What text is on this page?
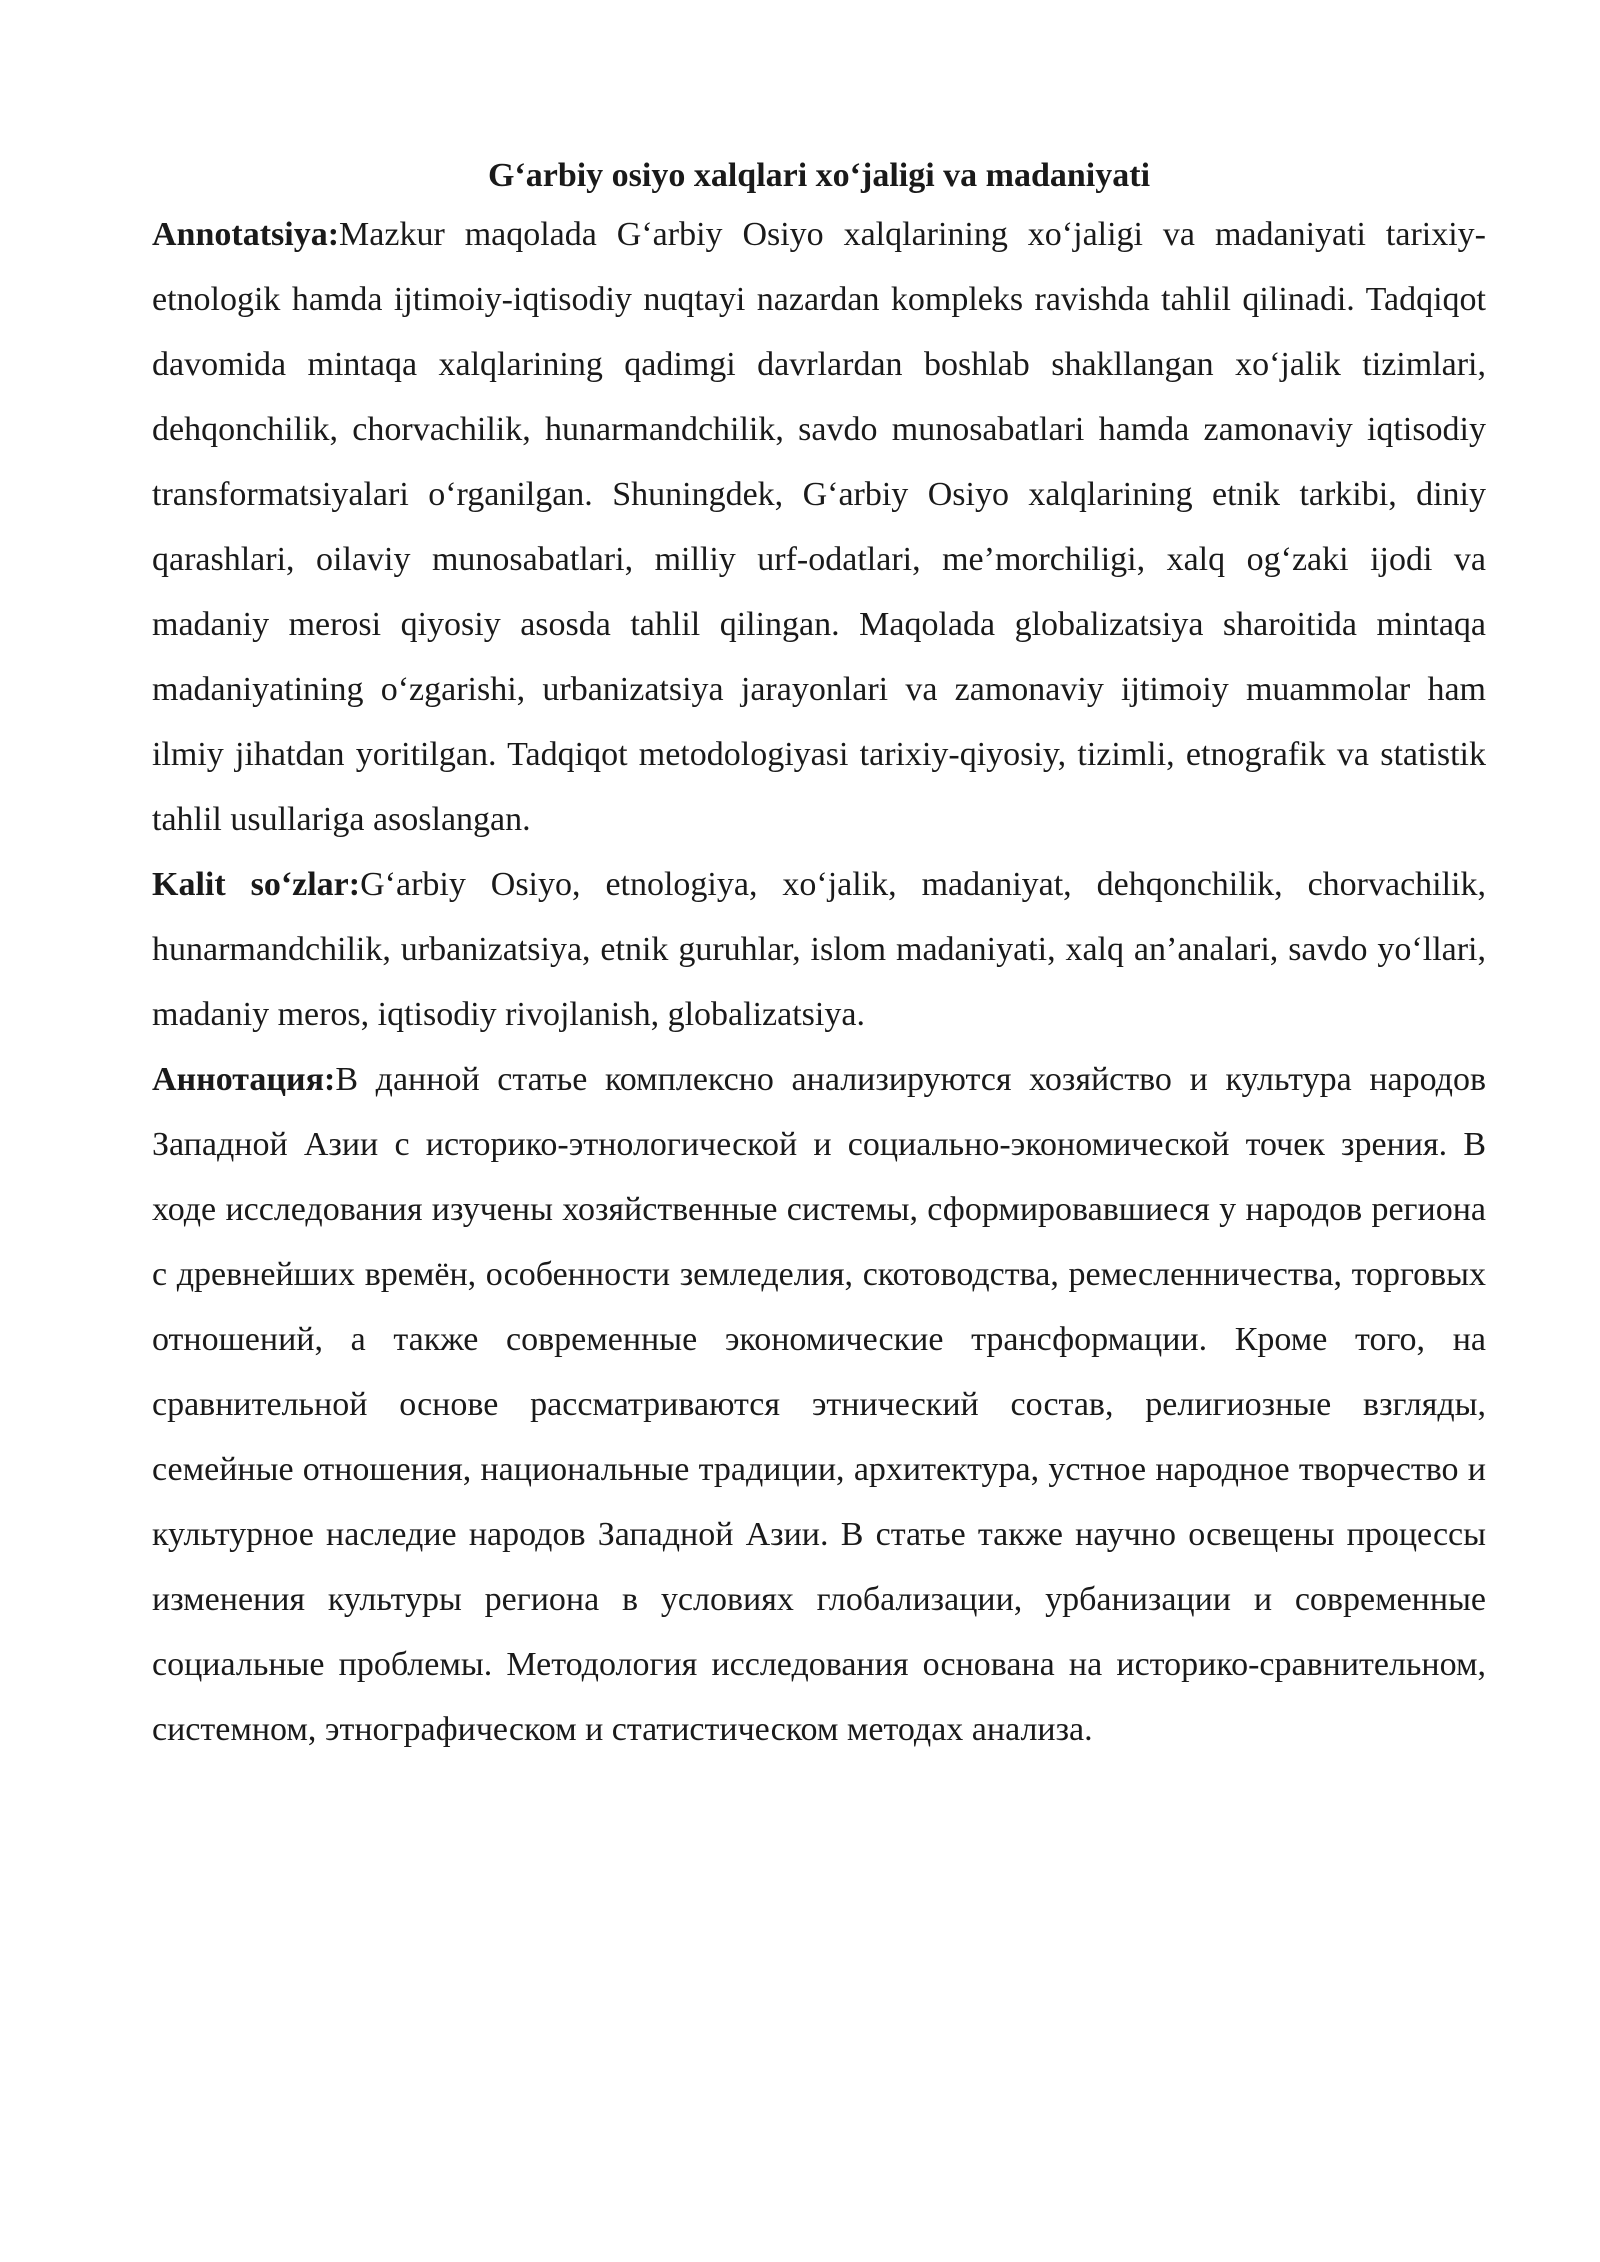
G‘arbiy osiyo xalqlari xo‘jaligi va madaniyati

Annotatsiya:Mazkur maqolada G‘arbiy Osiyo xalqlarining xo‘jaligi va madaniyati tarixiy-etnologik hamda ijtimoiy-iqtisodiy nuqtayi nazardan kompleks ravishda tahlil qilinadi. Tadqiqot davomida mintaqa xalqlarining qadimgi davrlardan boshlab shakllangan xo‘jalik tizimlari, dehqonchilik, chorvachilik, hunarmandchilik, savdo munosabatlari hamda zamonaviy iqtisodiy transformatsiyalari o‘rganilgan. Shuningdek, G‘arbiy Osiyo xalqlarining etnik tarkibi, diniy qarashlari, oilaviy munosabatlari, milliy urf-odatlari, me’morchiligi, xalq og‘zaki ijodi va madaniy merosi qiyosiy asosda tahlil qilingan. Maqolada globalizatsiya sharoitida mintaqa madaniyatining o‘zgarishi, urbanizatsiya jarayonlari va zamonaviy ijtimoiy muammolar ham ilmiy jihatdan yoritilgan. Tadqiqot metodologiyasi tarixiy-qiyosiy, tizimli, etnografik va statistik tahlil usullariga asoslangan.

Kalit so‘zlar:G‘arbiy Osiyo, etnologiya, xo‘jalik, madaniyat, dehqonchilik, chorvachilik, hunarmandchilik, urbanizatsiya, etnik guruhlar, islom madaniyati, xalq an’analari, savdo yo‘llari, madaniy meros, iqtisodiy rivojlanish, globalizatsiya.

Аннотация:В данной статье комплексно анализируются хозяйство и культура народов Западной Азии с историко-этнологической и социально-экономической точек зрения. В ходе исследования изучены хозяйственные системы, сформировавшиеся у народов региона с древнейших времён, особенности земледелия, скотоводства, ремесленничества, торговых отношений, а также современные экономические трансформации. Кроме того, на сравнительной основе рассматриваются этнический состав, религиозные взгляды, семейные отношения, национальные традиции, архитектура, устное народное творчество и культурное наследие народов Западной Азии. В статье также научно освещены процессы изменения культуры региона в условиях глобализации, урбанизации и современные социальные проблемы. Методология исследования основана на историко-сравнительном, системном, этнографическом и статистическом методах анализа.
